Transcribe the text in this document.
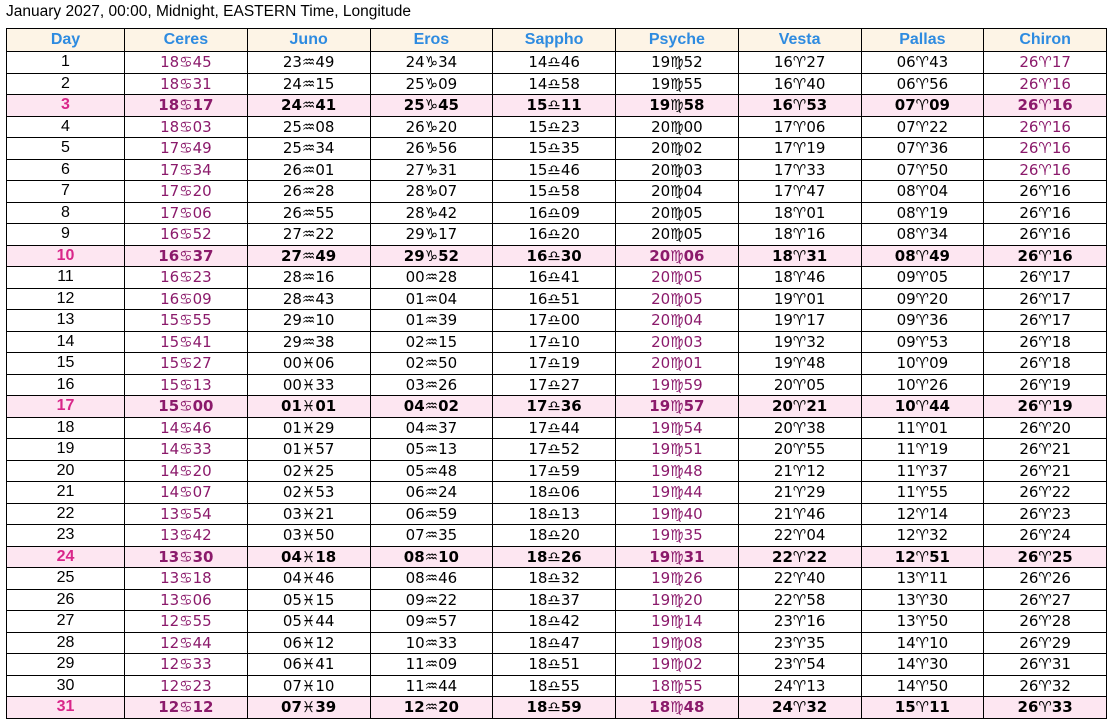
January 2027, 00:00, Midnight, EASTERN Time, Longitude
Day	Ceres	Juno	Eros	Sappho	Psyche	Vesta	Pallas	Chiron
1	18♋45	23♒49	24♑34	14♎46	19♍52	16♈27	06♈43	26♈17
2	18♋31	24♒15	25♑09	14♎58	19♍55	16♈40	06♈56	26♈16
3	18♋17	24♒41	25♑45	15♎11	19♍58	16♈53	07♈09	26♈16
4	18♋03	25♒08	26♑20	15♎23	20♍00	17♈06	07♈22	26♈16
5	17♋49	25♒34	26♑56	15♎35	20♍02	17♈19	07♈36	26♈16
6	17♋34	26♒01	27♑31	15♎46	20♍03	17♈33	07♈50	26♈16
7	17♋20	26♒28	28♑07	15♎58	20♍04	17♈47	08♈04	26♈16
8	17♋06	26♒55	28♑42	16♎09	20♍05	18♈01	08♈19	26♈16
9	16♋52	27♒22	29♑17	16♎20	20♍05	18♈16	08♈34	26♈16
10	16♋37	27♒49	29♑52	16♎30	20♍06	18♈31	08♈49	26♈16
11	16♋23	28♒16	00♒28	16♎41	20♍05	18♈46	09♈05	26♈17
12	16♋09	28♒43	01♒04	16♎51	20♍05	19♈01	09♈20	26♈17
13	15♋55	29♒10	01♒39	17♎00	20♍04	19♈17	09♈36	26♈17
14	15♋41	29♒38	02♒15	17♎10	20♍03	19♈32	09♈53	26♈18
15	15♋27	00♓06	02♒50	17♎19	20♍01	19♈48	10♈09	26♈18
16	15♋13	00♓33	03♒26	17♎27	19♍59	20♈05	10♈26	26♈19
17	15♋00	01♓01	04♒02	17♎36	19♍57	20♈21	10♈44	26♈19
18	14♋46	01♓29	04♒37	17♎44	19♍54	20♈38	11♈01	26♈20
19	14♋33	01♓57	05♒13	17♎52	19♍51	20♈55	11♈19	26♈21
20	14♋20	02♓25	05♒48	17♎59	19♍48	21♈12	11♈37	26♈21
21	14♋07	02♓53	06♒24	18♎06	19♍44	21♈29	11♈55	26♈22
22	13♋54	03♓21	06♒59	18♎13	19♍40	21♈46	12♈14	26♈23
23	13♋42	03♓50	07♒35	18♎20	19♍35	22♈04	12♈32	26♈24
24	13♋30	04♓18	08♒10	18♎26	19♍31	22♈22	12♈51	26♈25
25	13♋18	04♓46	08♒46	18♎32	19♍26	22♈40	13♈11	26♈26
26	13♋06	05♓15	09♒22	18♎37	19♍20	22♈58	13♈30	26♈27
27	12♋55	05♓44	09♒57	18♎42	19♍14	23♈16	13♈50	26♈28
28	12♋44	06♓12	10♒33	18♎47	19♍08	23♈35	14♈10	26♈29
29	12♋33	06♓41	11♒09	18♎51	19♍02	23♈54	14♈30	26♈31
30	12♋23	07♓10	11♒44	18♎55	18♍55	24♈13	14♈50	26♈32
31	12♋12	07♓39	12♒20	18♎59	18♍48	24♈32	15♈11	26♈33
